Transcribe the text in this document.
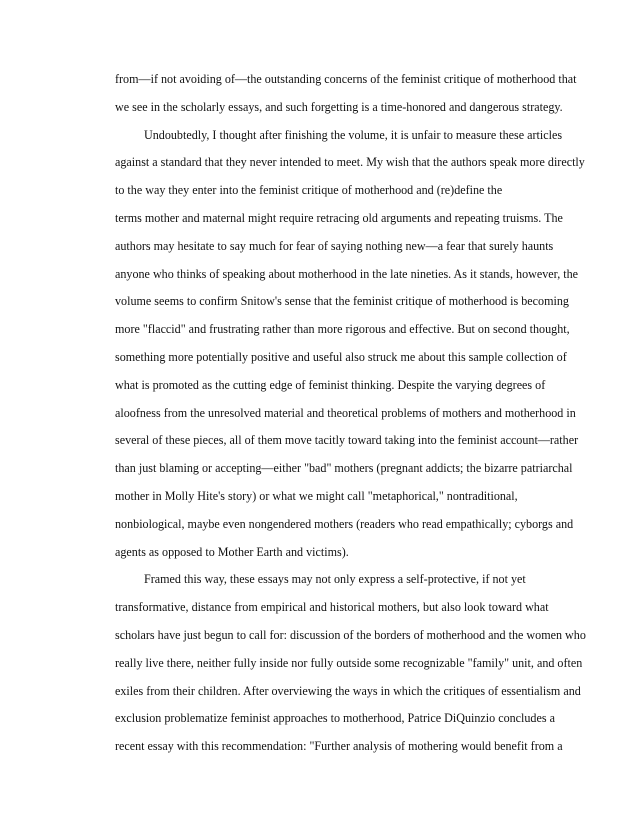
from—if not avoiding of—the outstanding concerns of the feminist critique of motherhood that
we see in the scholarly essays, and such forgetting is a time-honored and dangerous strategy.
Undoubtedly, I thought after finishing the volume, it is unfair to measure these articles
against a standard that they never intended to meet. My wish that the authors speak more directly
to the way they enter into the feminist critique of motherhood and (re)define the
terms mother and maternal might require retracing old arguments and repeating truisms. The
authors may hesitate to say much for fear of saying nothing new—a fear that surely haunts
anyone who thinks of speaking about motherhood in the late nineties. As it stands, however, the
volume seems to confirm Snitow's sense that the feminist critique of motherhood is becoming
more "flaccid" and frustrating rather than more rigorous and effective. But on second thought,
something more potentially positive and useful also struck me about this sample collection of
what is promoted as the cutting edge of feminist thinking. Despite the varying degrees of
aloofness from the unresolved material and theoretical problems of mothers and motherhood in
several of these pieces, all of them move tacitly toward taking into the feminist account—rather
than just blaming or accepting—either "bad" mothers (pregnant addicts; the bizarre patriarchal
mother in Molly Hite's story) or what we might call "metaphorical," nontraditional,
nonbiological, maybe even nongendered mothers (readers who read empathically; cyborgs and
agents as opposed to Mother Earth and victims).
Framed this way, these essays may not only express a self-protective, if not yet
transformative, distance from empirical and historical mothers, but also look toward what
scholars have just begun to call for: discussion of the borders of motherhood and the women who
really live there, neither fully inside nor fully outside some recognizable "family" unit, and often
exiles from their children. After overviewing the ways in which the critiques of essentialism and
exclusion problematize feminist approaches to motherhood, Patrice DiQuinzio concludes a
recent essay with this recommendation: "Further analysis of mothering would benefit from a
